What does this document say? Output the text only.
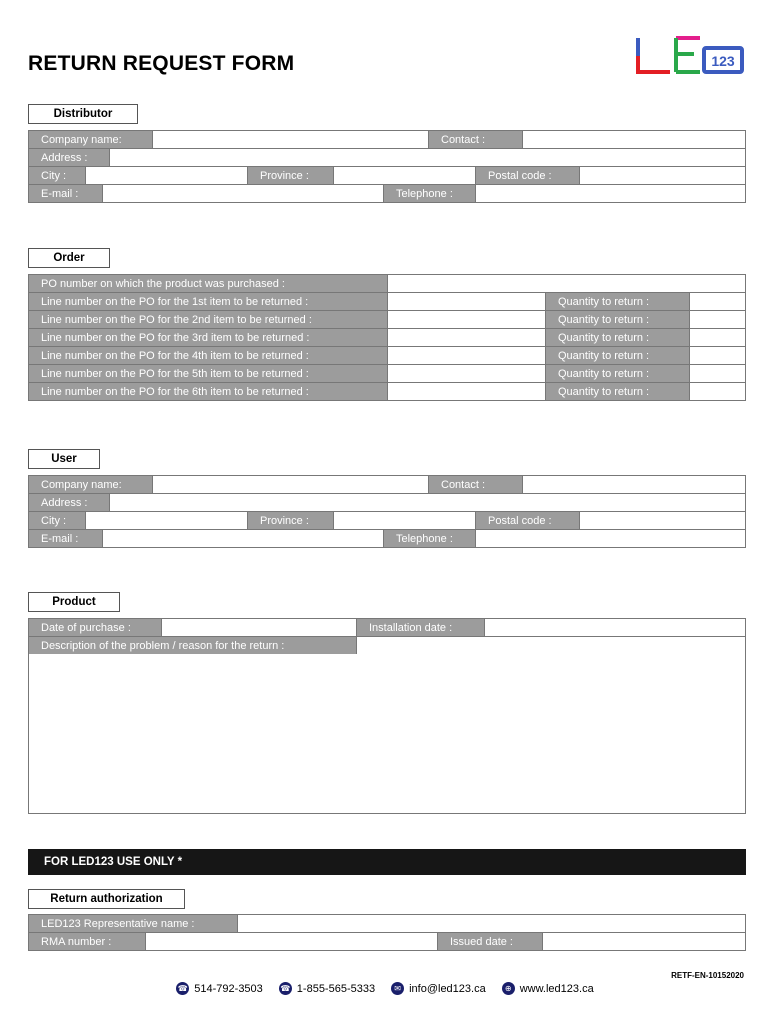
RETURN REQUEST FORM	123
Distributor
Company name:	Contact :
Address :
City :	Province :	Postal code :
E-mail :	Telephone :
Order
PO number on which the product was purchased :
Line number on the PO for the 1st item to be returned :	Quantity to return :
Line number on the PO for the 2nd item to be returned :	Quantity to return :
Line number on the PO for the 3rd item to be returned :	Quantity to return :
Line number on the PO for the 4th item to be returned :	Quantity to return :
Line number on the PO for the 5th item to be returned :	Quantity to return :
Line number on the PO for the 6th item to be returned :	Quantity to return :
User
Company name:	Contact :
Address :
City :	Province :	Postal code :
E-mail :	Telephone :
Product
Date of purchase :	Installation date :
Description of the problem / reason for the return :
FOR LED123 USE ONLY *
Return authorization
LED123 Representative name :
RMA number :	Issued date :
RETF-EN-10152020
☎ 514-792-3503 ☎ 1-855-565-5333	✉ info@led123.ca	⊕ www.led123.ca
